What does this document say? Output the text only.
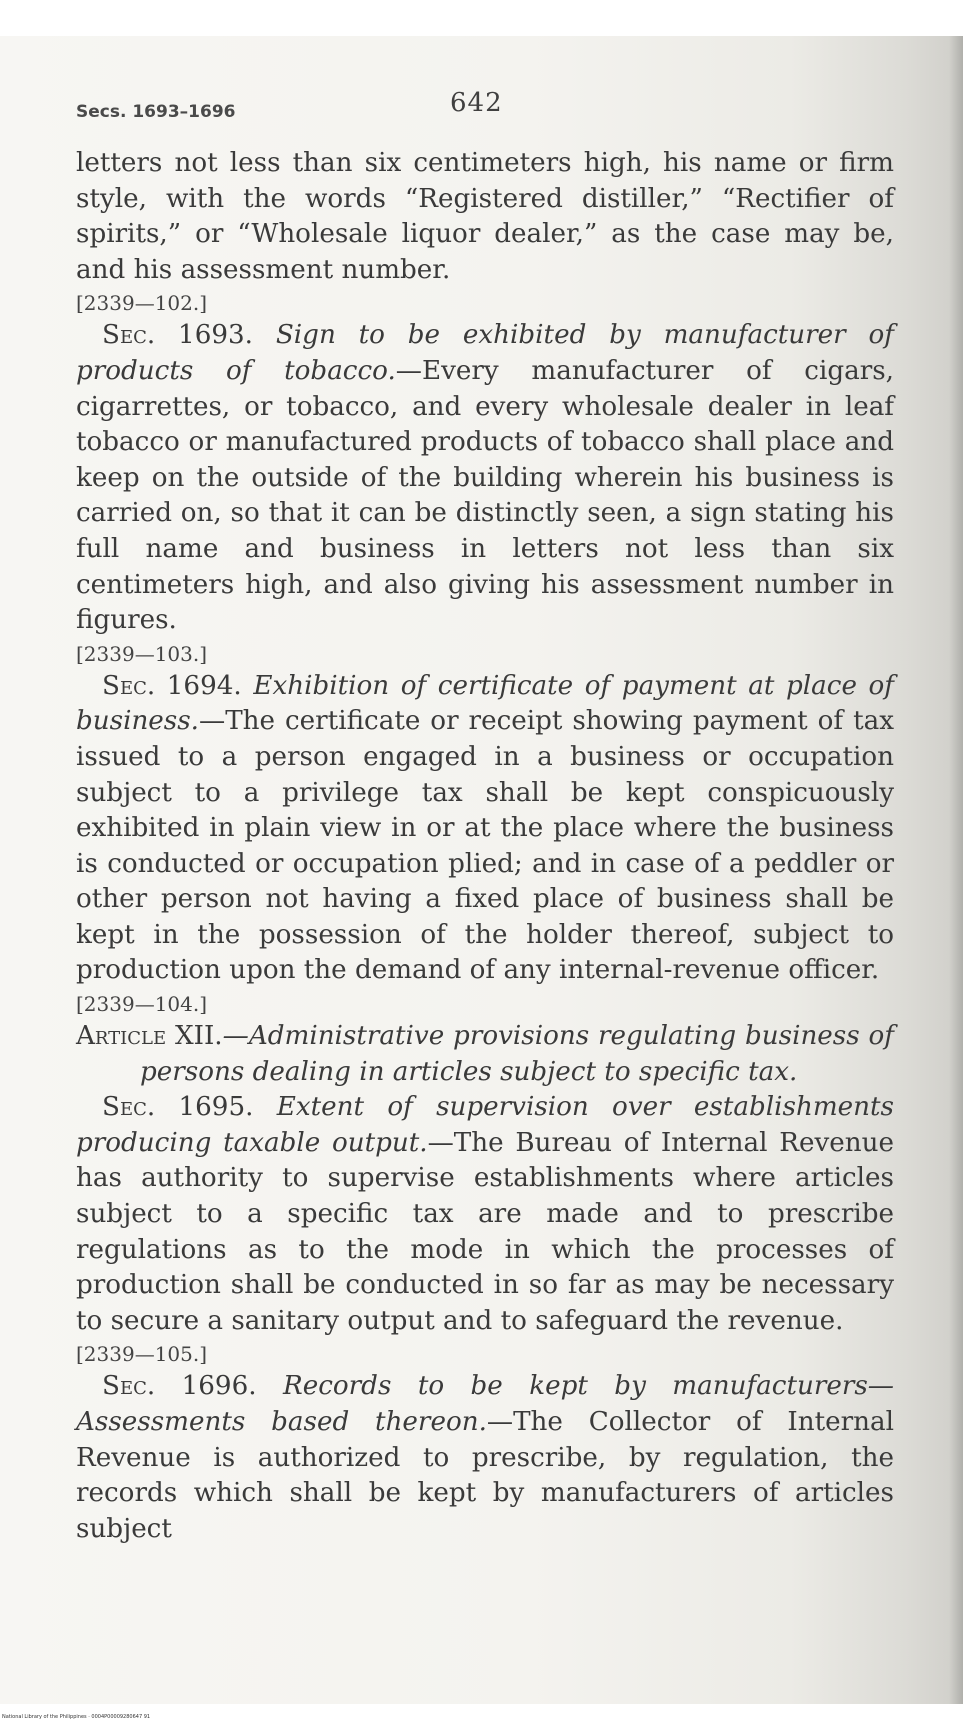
Secs. 1693–1696	642

letters not less than six centimeters high, his name or firm style, with the words “Registered distiller,” “Rectifier of spirits,” or “Wholesale liquor dealer,” as the case may be, and his assessment number.

[2339—102.]

Sec. 1693. Sign to be exhibited by manufacturer of products of tobacco.—Every manufacturer of cigars, cigarrettes, or tobacco, and every wholesale dealer in leaf tobacco or manufactured products of tobacco shall place and keep on the outside of the building wherein his business is carried on, so that it can be distinctly seen, a sign stating his full name and business in letters not less than six centimeters high, and also giving his assessment number in figures.

[2339—103.]

Sec. 1694. Exhibition of certificate of payment at place of business.—The certificate or receipt showing payment of tax issued to a person engaged in a business or occupation subject to a privilege tax shall be kept conspicuously exhibited in plain view in or at the place where the business is conducted or occupation plied; and in case of a peddler or other person not having a fixed place of business shall be kept in the possession of the holder thereof, subject to production upon the demand of any internal-revenue officer.

[2339—104.]

Article XII.—Administrative provisions regulating business of persons dealing in articles subject to specific tax.

Sec. 1695. Extent of supervision over establishments producing taxable output.—The Bureau of Internal Revenue has authority to supervise establishments where articles subject to a specific tax are made and to prescribe regulations as to the mode in which the processes of production shall be conducted in so far as may be necessary to secure a sanitary output and to safeguard the revenue.

[2339—105.]

Sec. 1696. Records to be kept by manufacturers—Assessments based thereon.—The Collector of Internal Revenue is authorized to prescribe, by regulation, the records which shall be kept by manufacturers of articles subject

National Library of the Philippines · 0004P00009280647 91
